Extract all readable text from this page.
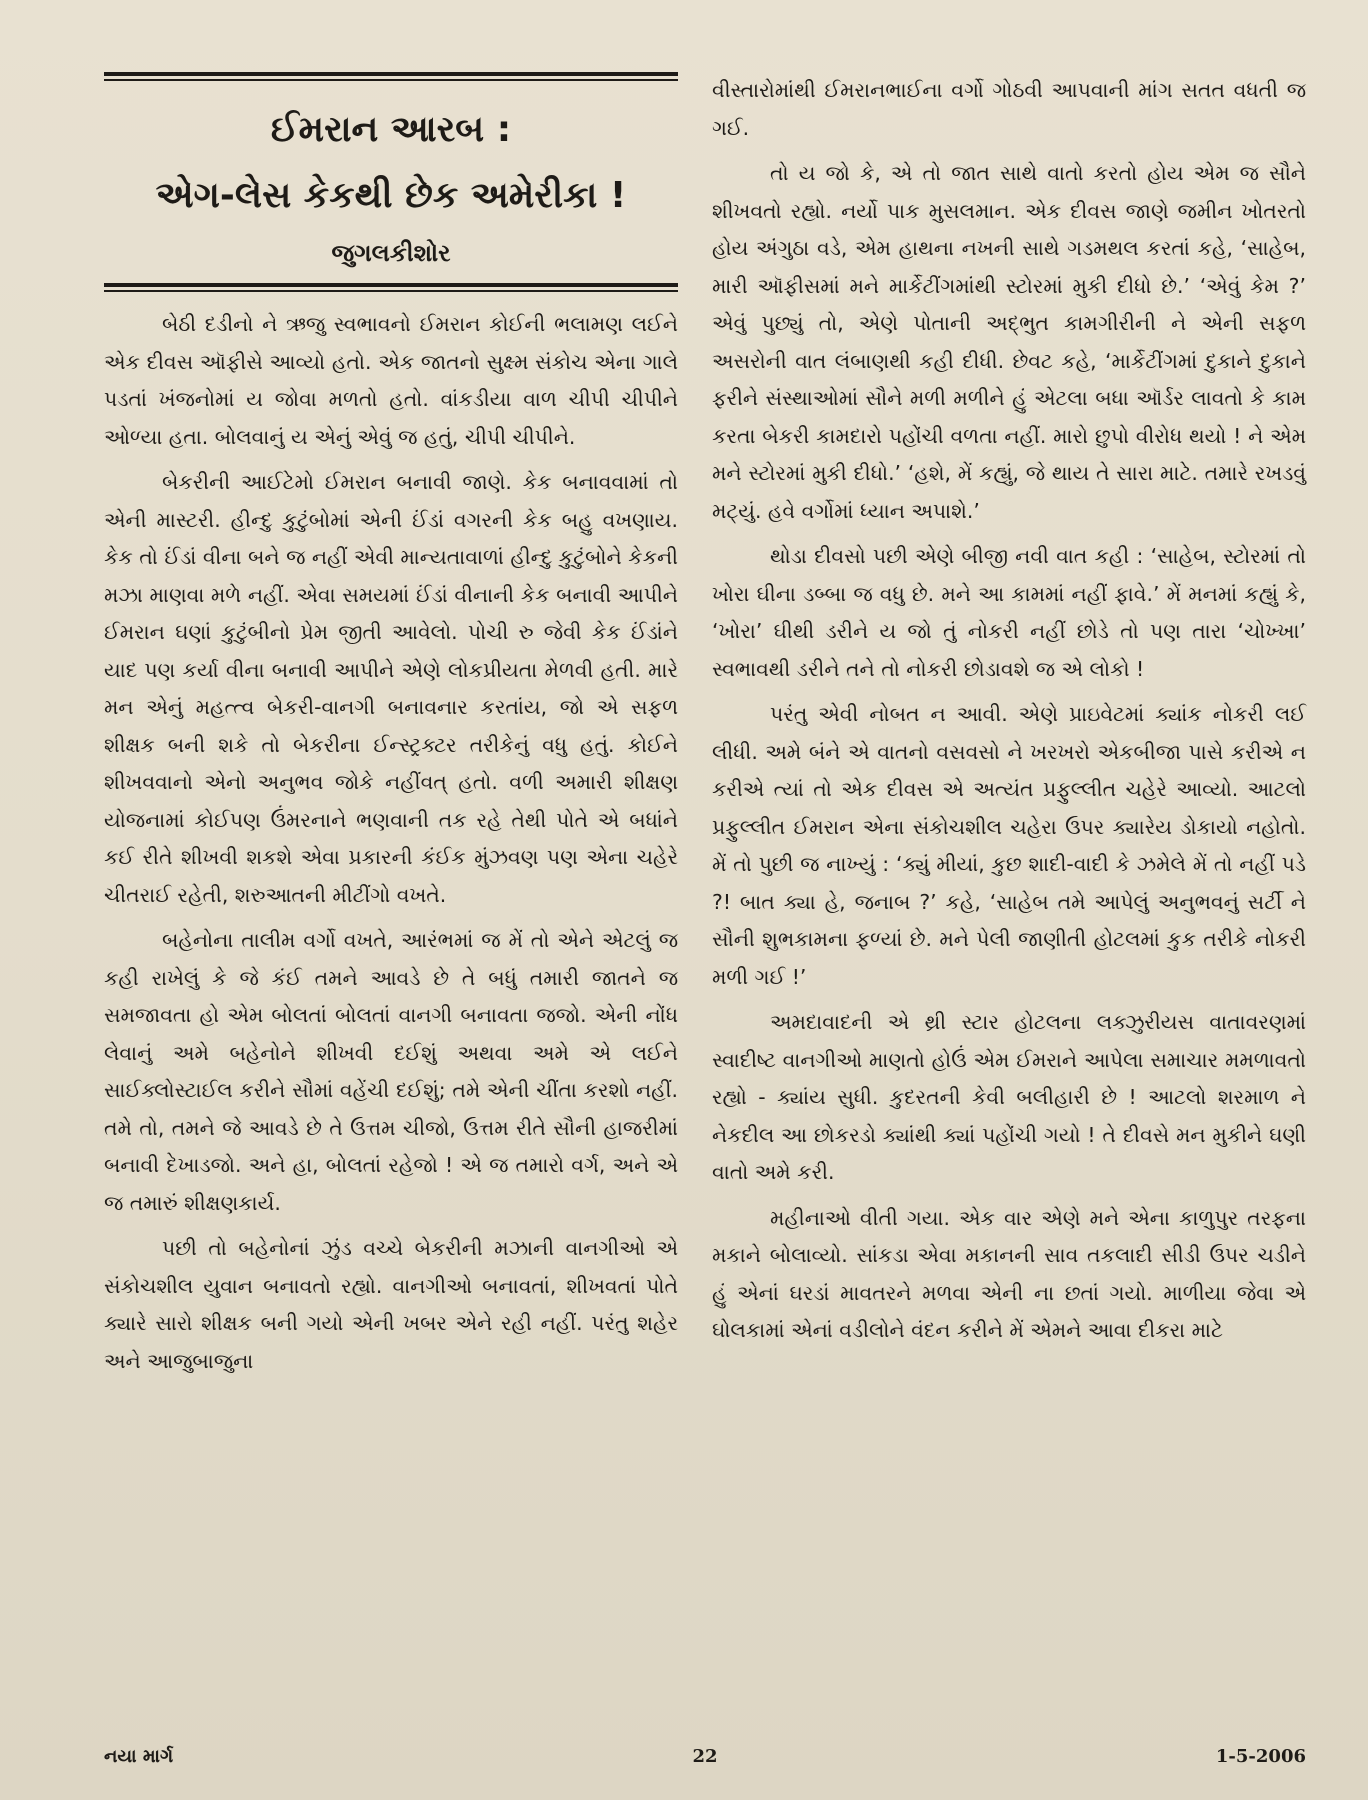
ઈમરાન આરબ :
એગ-લેસ કેકથી છેક અમેરીકા !
જુગલકીશોર

બેઠી દડીનો ને ઋજુ સ્વભાવનો ઈમરાન કોઈની ભલામણ લઈને એક દીવસ ઑફીસે આવ્યો હતો. એક જાતનો સુક્ષ્મ સંકોચ એના ગાલે પડતાં ખંજનોમાં ય જોવા મળતો હતો. વાંકડીયા વાળ ચીપી ચીપીને ઓળ્યા હતા. બોલવાનું ય એનું એવું જ હતું, ચીપી ચીપીને.

બેકરીની આઈટેમો ઈમરાન બનાવી જાણે. કેક બનાવવામાં તો એની માસ્ટરી. હીન્દુ કુટુંબોમાં એની ઈંડાં વગરની કેક બહુ વખણાય. કેક તો ઈંડાં વીના બને જ નહીં એવી માન્યતાવાળાં હીન્દુ કુટુંબોને કેકની મઝા માણવા મળે નહીં. એવા સમયમાં ઈંડાં વીનાની કેક બનાવી આપીને ઈમરાન ઘણાં કુટુંબીનો પ્રેમ જીતી આવેલો. પોચી રુ જેવી કેક ઈંડાંને યાદ પણ કર્યા વીના બનાવી આપીને એણે લોકપ્રીયતા મેળવી હતી. મારે મન એનું મહત્ત્વ બેકરી-વાનગી બનાવનાર કરતાંય, જો એ સફળ શીક્ષક બની શકે તો બેકરીના ઈન્સ્ટ્રક્ટર તરીકેનું વધુ હતું. કોઈને શીખવવાનો એનો અનુભવ જોકે નહીંવત્ હતો. વળી અમારી શીક્ષણ યોજનામાં કોઈપણ ઉંમરનાને ભણવાની તક રહે તેથી પોતે એ બધાંને કઈ રીતે શીખવી શકશે એવા પ્રકારની કંઈક મુંઝવણ પણ એના ચહેરે ચીતરાઈ રહેતી, શરુઆતની મીટીંગો વખતે.

બહેનોના તાલીમ વર્ગો વખતે, આરંભમાં જ મેં તો એને એટલું જ કહી રાખેલું કે જે કંઈ તમને આવડે છે તે બધું તમારી જાતને જ સમજાવતા હો એમ બોલતાં બોલતાં વાનગી બનાવતા જજો. એની નોંધ લેવાનું અમે બહેનોને શીખવી દઈશું અથવા અમે એ લઈને સાઈક્લોસ્ટાઈલ કરીને સૌમાં વહેંચી દઈશું; તમે એની ચીંતા કરશો નહીં. તમે તો, તમને જે આવડે છે તે ઉત્તમ ચીજો, ઉત્તમ રીતે સૌની હાજરીમાં બનાવી દેખાડજો. અને હા, બોલતાં રહેજો ! એ જ તમારો વર્ગ, અને એ જ તમારું શીક્ષણકાર્ય.

પછી તો બહેનોનાં ઝુંડ વચ્ચે બેકરીની મઝાની વાનગીઓ એ સંકોચશીલ યુવાન બનાવતો રહ્યો. વાનગીઓ બનાવતાં, શીખવતાં પોતે ક્યારે સારો શીક્ષક બની ગયો એની ખબર એને રહી નહીં. પરંતુ શહેર અને આજુબાજુના

વીસ્તારોમાંથી ઈમરાનભાઈના વર્ગો ગોઠવી આપવાની માંગ સતત વધતી જ ગઈ.

તો ય જો કે, એ તો જાત સાથે વાતો કરતો હોય એમ જ સૌને શીખવતો રહ્યો. નર્યો પાક મુસલમાન. એક દીવસ જાણે જમીન ખોતરતો હોય અંગુઠા વડે, એમ હાથના નખની સાથે ગડમથલ કરતાં કહે, ‘સાહેબ, મારી ઑફીસમાં મને માર્કેટીંગમાંથી સ્ટોરમાં મુકી દીધો છે.’ ‘એવું કેમ ?’ એવું પુછ્યું તો, એણે પોતાની અદ્ભુત કામગીરીની ને એની સફળ અસરોની વાત લંબાણથી કહી દીધી. છેવટ કહે, ‘માર્કેટીંગમાં દુકાને દુકાને ફરીને સંસ્થાઓમાં સૌને મળી મળીને હું એટલા બધા ઑર્ડર લાવતો કે કામ કરતા બેકરી કામદારો પહોંચી વળતા નહીં. મારો છુપો વીરોધ થયો ! ને એમ મને સ્ટોરમાં મુકી દીધો.’ ‘હશે, મેં કહ્યું, જે થાય તે સારા માટે. તમારે રખડવું મટ્યું. હવે વર્ગોમાં ધ્યાન અપાશે.’

થોડા દીવસો પછી એણે બીજી નવી વાત કહી : ‘સાહેબ, સ્ટોરમાં તો ખોરા ઘીના ડબ્બા જ વધુ છે. મને આ કામમાં નહીં ફાવે.’ મેં મનમાં કહ્યું કે, ‘ખોરા’ ઘીથી ડરીને ય જો તું નોકરી નહીં છોડે તો પણ તારા ‘ચોખ્ખા’ સ્વભાવથી ડરીને તને તો નોકરી છોડાવશે જ એ લોકો !

પરંતુ એવી નોબત ન આવી. એણે પ્રાઇવેટમાં ક્યાંક નોકરી લઈ લીધી. અમે બંને એ વાતનો વસવસો ને ખરખરો એકબીજા પાસે કરીએ ન કરીએ ત્યાં તો એક દીવસ એ અત્યંત પ્રફુલ્લીત ચહેરે આવ્યો. આટલો પ્રફુલ્લીત ઈમરાન એના સંકોચશીલ ચહેરા ઉપર ક્યારેય ડોકાયો નહોતો. મેં તો પુછી જ નાખ્યું : ‘ક્યું મીયાં, કુછ શાદી-વાદી કે ઝમેલે મેં તો નહીં પડે ?! બાત ક્યા હે, જનાબ ?’ કહે, ‘સાહેબ તમે આપેલું અનુભવનું સર્ટી ને સૌની શુભકામના ફળ્યાં છે. મને પેલી જાણીતી હોટલમાં કુક તરીકે નોકરી મળી ગઈ !’

અમદાવાદની એ થ્રી સ્ટાર હોટલના લક્ઝુરીયસ વાતાવરણમાં સ્વાદીષ્ટ વાનગીઓ માણતો હોઉં એમ ઈમરાને આપેલા સમાચાર મમળાવતો રહ્યો - ક્યાંય સુધી. કુદરતની કેવી બલીહારી છે ! આટલો શરમાળ ને નેકદીલ આ છોકરડો ક્યાંથી ક્યાં પહોંચી ગયો ! તે દીવસે મન મુકીને ઘણી વાતો અમે કરી.

મહીનાઓ વીતી ગયા. એક વાર એણે મને એના કાળુપુર તરફના મકાને બોલાવ્યો. સાંકડા એવા મકાનની સાવ તકલાદી સીડી ઉપર ચડીને હું એનાં ઘરડાં માવતરને મળવા એની ના છતાં ગયો. માળીયા જેવા એ ઘોલકામાં એનાં વડીલોને વંદન કરીને મેં એમને આવા દીકરા માટે

નયા માર્ગ	22	1-5-2006
